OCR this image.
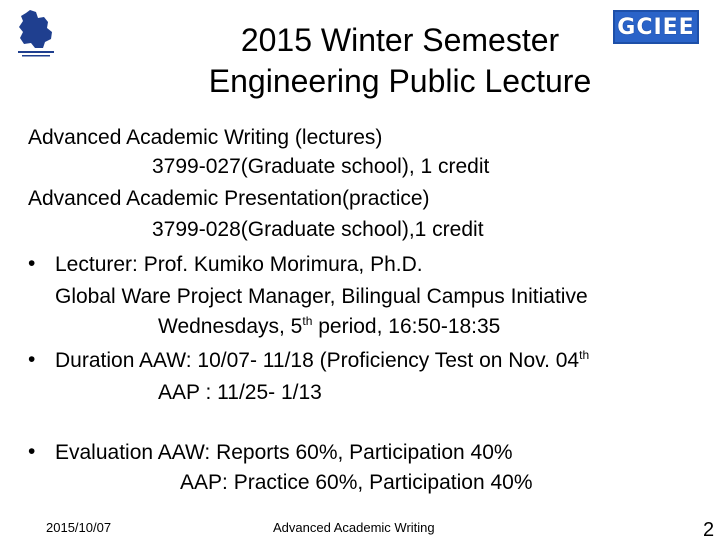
GCIEE
2015 Winter Semester
Engineering Public Lecture
Advanced Academic Writing (lectures)
3799-027(Graduate school), 1 credit
Advanced Academic Presentation(practice)
3799-028(Graduate school),1 credit
• Lecturer: Prof. Kumiko Morimura, Ph.D.
Global Ware Project Manager, Bilingual Campus Initiative
Wednesdays, 5th period, 16:50-18:35
• Duration AAW: 10/07- 11/18 (Proficiency Test on Nov. 04th
AAP : 11/25- 1/13
• Evaluation AAW: Reports 60%, Participation 40%
AAP: Practice 60%, Participation 40%
2015/10/07	Advanced Academic Writing	2
